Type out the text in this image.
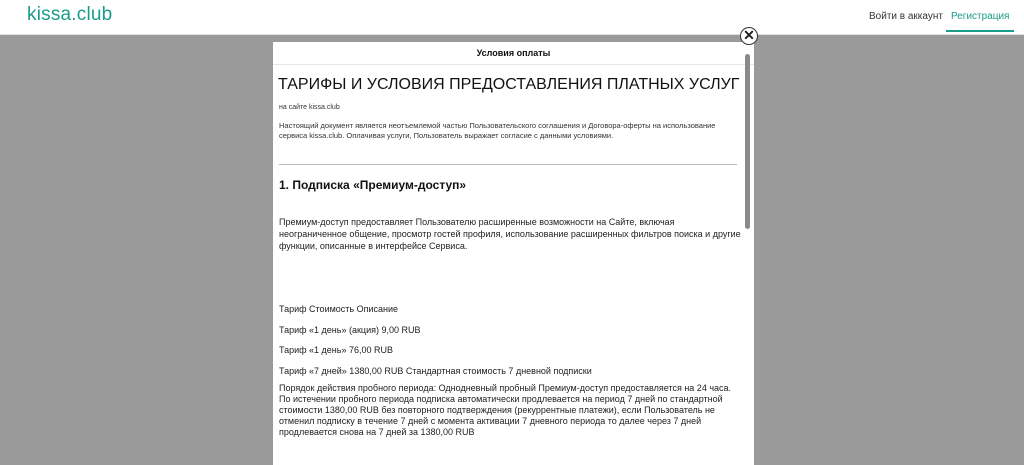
kissa.club	Войти в аккаунт Регистрация
Условия оплаты
ТАРИФЫ И УСЛОВИЯ ПРЕДОСТАВЛЕНИЯ ПЛАТНЫХ УСЛУГ
на сайте kissa.club
Настоящий документ является неотъемлемой частью Пользовательского соглашения и Договора-оферты на использование сервиса kissa.club. Оплачивая услуги, Пользователь выражает согласие с данными условиями.
1. Подписка «Премиум-доступ»
Премиум-доступ предоставляет Пользователю расширенные возможности на Сайте, включая неограниченное общение, просмотр гостей профиля, использование расширенных фильтров поиска и другие функции, описанные в интерфейсе Сервиса.
Тариф Стоимость Описание
Тариф «1 день» (акция) 9,00 RUB
Тариф «1 день» 76,00 RUB
Тариф «7 дней» 1380,00 RUB Стандартная стоимость 7 дневной подписки
Порядок действия пробного периода: Однодневный пробный Премиум-доступ предоставляется на 24 часа. По истечении пробного периода подписка автоматически продлевается на период 7 дней по стандартной стоимости 1380,00 RUB без повторного подтверждения (рекуррентные платежи), если Пользователь не отменил подписку в течение 7 дней с момента активации 7 дневного периода то далее через 7 дней продлевается снова на 7 дней за 1380,00 RUB
✕
